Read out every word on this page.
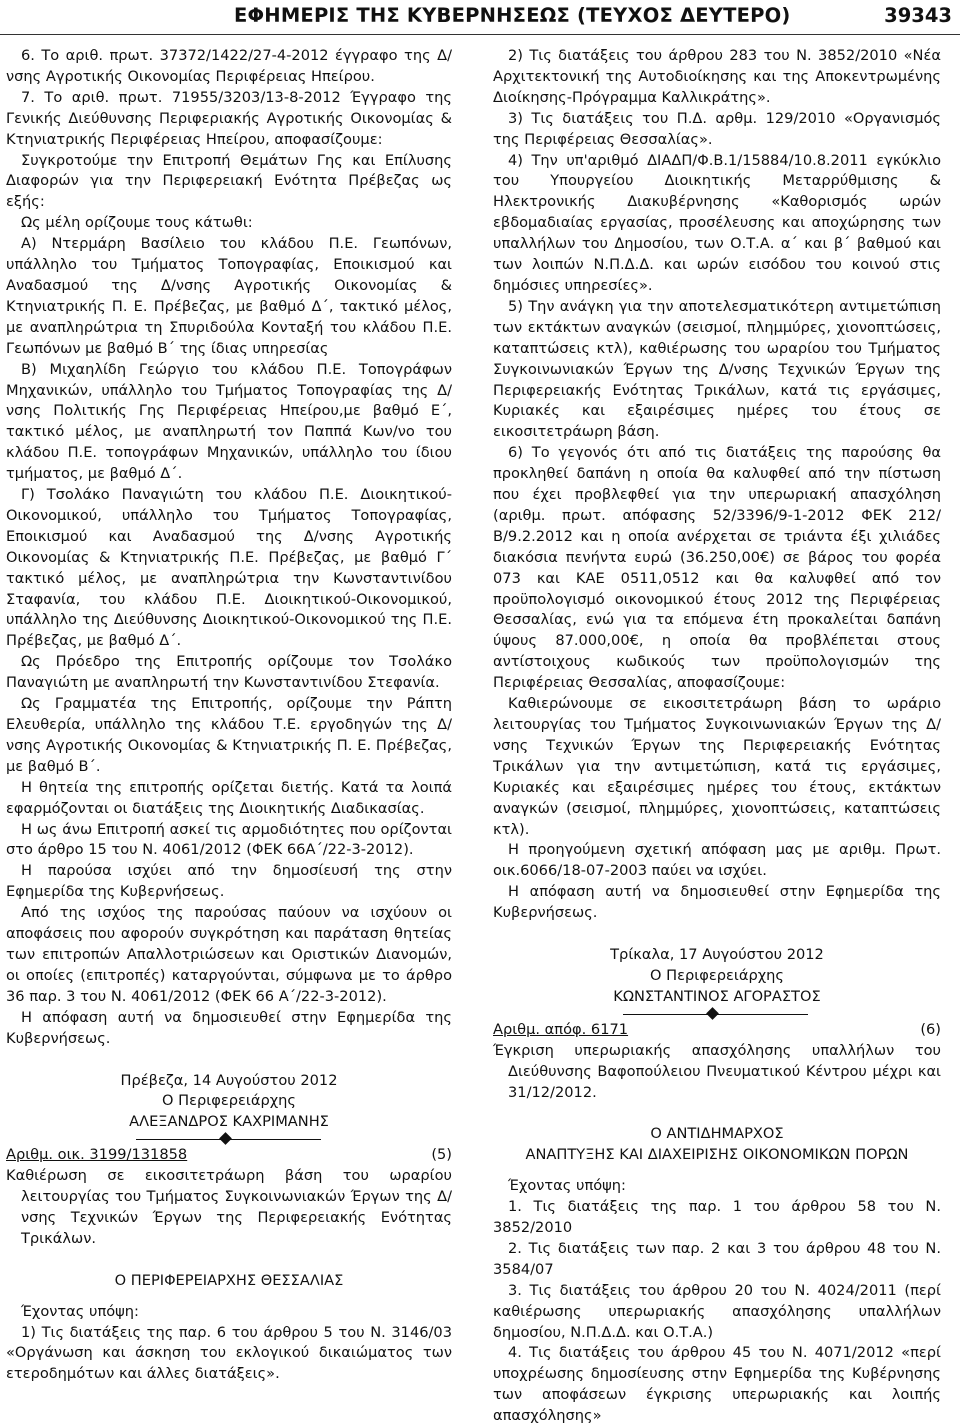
ΕΦΗΜΕΡΙΣ ΤΗΣ ΚΥΒΕΡΝΗΣΕΩΣ (ΤΕΥΧΟΣ ΔΕΥΤΕΡΟ)	39343

6. Το αριθ. πρωτ. 37372/1422/27-4-2012 έγγραφο της Δ/νσης Αγροτικής Οικονομίας Περιφέρειας Ηπείρου.

7. Το αριθ. πρωτ. 71955/3203/13-8-2012 Έγγραφο της Γενικής Διεύθυνσης Περιφεριακής Αγροτικής Οικονομίας & Κτηνιατρικής Περιφέρειας Ηπείρου, αποφασίζουμε:

Συγκροτούμε την Επιτροπή Θεμάτων Γης και Επίλυσης Διαφορών για την Περιφερειακή Ενότητα Πρέβεζας ως εξής:

Ως μέλη ορίζουμε τους κάτωθι:

Α) Ντερμάρη Βασίλειο του κλάδου Π.Ε. Γεωπόνων, υπάλληλο του Τμήματος Τοπογραφίας, Εποικισμού και Αναδασμού της Δ/νσης Αγροτικής Οικονομίας & Κτηνιατρικής Π. Ε. Πρέβεζας, με βαθμό Δ΄, τακτικό μέλος, με αναπληρώτρια τη Σπυριδούλα Κονταξή του κλάδου Π.Ε. Γεωπόνων με βαθμό Β΄ της ίδιας υπηρεσίας

Β) Μιχαηλίδη Γεώργιο του κλάδου Π.Ε. Τοπογράφων Μηχανικών, υπάλληλο του Τμήματος Τοπογραφίας της Δ/νσης Πολιτικής Γης Περιφέρειας Ηπείρου,με βαθμό Ε΄, τακτικό μέλος, με αναπληρωτή τον Παππά Κων/νο του κλάδου Π.Ε. τοπογράφων Μηχανικών, υπάλληλο του ίδιου τμήματος, με βαθμό Δ΄.

Γ) Τσολάκο Παναγιώτη του κλάδου Π.Ε. Διοικητικού-Οικονομικού, υπάλληλο του Τμήματος Τοπογραφίας, Εποικισμού και Αναδασμού της Δ/νσης Αγροτικής Οικονομίας & Κτηνιατρικής Π.Ε. Πρέβεζας, με βαθμό Γ΄ τακτικό μέλος, με αναπληρώτρια την Κωνσταντινίδου Σταφανία, του κλάδου Π.Ε. Διοικητικού-Οικονομικού, υπάλληλο της Διεύθυνσης Διοικητικού-Οικονομικού της Π.Ε. Πρέβεζας, με βαθμό Δ΄.

Ως Πρόεδρο της Επιτροπής ορίζουμε τον Τσολάκο Παναγιώτη με αναπληρωτή την Κωνσταντινίδου Στεφανία.

Ως Γραμματέα της Επιτροπής, ορίζουμε την Ράπτη Ελευθερία, υπάλληλο της κλάδου Τ.Ε. εργοδηγών της Δ/νσης Αγροτικής Οικονομίας & Κτηνιατρικής Π. Ε. Πρέβεζας, με βαθμό Β΄.

Η θητεία της επιτροπής ορίζεται διετής. Κατά τα λοιπά εφαρμόζονται οι διατάξεις της Διοικητικής Διαδικασίας.

Η ως άνω Επιτροπή ασκεί τις αρμοδιότητες που ορίζονται στο άρθρο 15 του Ν. 4061/2012 (ΦΕΚ 66Α΄/22-3-2012).

Η παρούσα ισχύει από την δημοσίευσή της στην Εφημερίδα της Κυβερνήσεως.

Από της ισχύος της παρούσας παύουν να ισχύουν οι αποφάσεις που αφορούν συγκρότηση και παράταση θητείας των επιτροπών Απαλλοτριώσεων και Οριστικών Διανομών, οι οποίες (επιτροπές) καταργούνται, σύμφωνα με το άρθρο 36 παρ. 3 του Ν. 4061/2012 (ΦΕΚ 66 Α΄/22-3-2012).

Η απόφαση αυτή να δημοσιευθεί στην Εφημερίδα της Κυβερνήσεως.

Πρέβεζα, 14 Αυγούστου 2012

Ο Περιφερειάρχης

ΑΛΕΞΑΝΔΡΟΣ ΚΑΧΡΙΜΑΝΗΣ

Αριθμ. οικ. 3199/131858	(5)

Καθιέρωση σε εικοσιτετράωρη βάση του ωραρίου λειτουργίας του Τμήματος Συγκοινωνιακών Έργων της Δ/νσης Τεχνικών Έργων της Περιφερειακής Ενότητας Τρικάλων.

Ο ΠΕΡΙΦΕΡΕΙΑΡΧΗΣ ΘΕΣΣΑΛΙΑΣ

Έχοντας υπόψη:

1) Τις διατάξεις της παρ. 6 του άρθρου 5 του Ν. 3146/03 «Οργάνωση και άσκηση του εκλογικού δικαιώματος των ετεροδημότων και άλλες διατάξεις».

2) Τις διατάξεις του άρθρου 283 του Ν. 3852/2010 «Νέα Αρχιτεκτονική της Αυτοδιοίκησης και της Αποκεντρωμένης Διοίκησης-Πρόγραμμα Καλλικράτης».

3) Τις διατάξεις του Π.Δ. αρθμ. 129/2010 «Οργανισμός της Περιφέρειας Θεσσαλίας».

4) Την υπ'αριθμό ΔΙΑΔΠ/Φ.Β.1/15884/10.8.2011 εγκύκλιο του Υπουργείου Διοικητικής Μεταρρύθμισης & Ηλεκτρονικής Διακυβέρνησης «Καθορισμός ωρών εβδομαδιαίας εργασίας, προσέλευσης και αποχώρησης των υπαλλήλων του Δημοσίου, των Ο.Τ.Α. α΄ και β΄ βαθμού και των λοιπών Ν.Π.Δ.Δ. και ωρών εισόδου του κοινού στις δημόσιες υπηρεσίες».

5) Την ανάγκη για την αποτελεσματικότερη αντιμετώπιση των εκτάκτων αναγκών (σεισμοί, πλημμύρες, χιονοπτώσεις, καταπτώσεις κτλ), καθιέρωσης του ωραρίου του Τμήματος Συγκοινωνιακών Έργων της Δ/νσης Τεχνικών Έργων της Περιφερειακής Ενότητας Τρικάλων, κατά τις εργάσιμες, Κυριακές και εξαιρέσιμες ημέρες του έτους σε εικοσιτετράωρη βάση.

6) Το γεγονός ότι από τις διατάξεις της παρούσης θα προκληθεί δαπάνη η οποία θα καλυφθεί από την πίστωση που έχει προβλεφθεί για την υπερωριακή απασχόληση (αριθμ. πρωτ. απόφασης 52/3396/9-1-2012 ΦΕΚ 212/Β/9.2.2012 και η οποία ανέρχεται σε τριάντα έξι χιλιάδες διακόσια πενήντα ευρώ (36.250,00€) σε βάρος του φορέα 073 και ΚΑΕ 0511,0512 και θα καλυφθεί από τον προϋπολογισμό οικονομικού έτους 2012 της Περιφέρειας Θεσσαλίας, ενώ για τα επόμενα έτη προκαλείται δαπάνη ύψους 87.000,00€, η οποία θα προβλέπεται στους αντίστοιχους κωδικούς των προϋπολογισμών της Περιφέρειας Θεσσαλίας, αποφασίζουμε:

Καθιερώνουμε σε εικοσιτετράωρη βάση το ωράριο λειτουργίας του Τμήματος Συγκοινωνιακών Έργων της Δ/νσης Τεχνικών Έργων της Περιφερειακής Ενότητας Τρικάλων για την αντιμετώπιση, κατά τις εργάσιμες, Κυριακές και εξαιρέσιμες ημέρες του έτους, εκτάκτων αναγκών (σεισμοί, πλημμύρες, χιονοπτώσεις, καταπτώσεις κτλ).

Η προηγούμενη σχετική απόφαση μας με αριθμ. Πρωτ. οικ.6066/18-07-2003 παύει να ισχύει.

Η απόφαση αυτή να δημοσιευθεί στην Εφημερίδα της Κυβερνήσεως.

Τρίκαλα, 17 Αυγούστου 2012

Ο Περιφερειάρχης

ΚΩΝΣΤΑΝΤΙΝΟΣ ΑΓΟΡΑΣΤΟΣ

Αριθμ. απόφ. 6171	(6)

Έγκριση υπερωριακής απασχόλησης υπαλλήλων του Διεύθυνσης Βαφοπούλειου Πνευματικού Κέντρου μέχρι και 31/12/2012.

Ο ΑΝΤΙΔΗΜΑΡΧΟΣ

ΑΝΑΠΤΥΞΗΣ ΚΑΙ ΔΙΑΧΕΙΡΙΣΗΣ ΟΙΚΟΝΟΜΙΚΩΝ ΠΟΡΩΝ

Έχοντας υπόψη:

1. Τις διατάξεις της παρ. 1 του άρθρου 58 του Ν. 3852/2010

2. Τις διατάξεις των παρ. 2 και 3 του άρθρου 48 του Ν. 3584/07

3. Τις διατάξεις του άρθρου 20 του Ν. 4024/2011 (περί καθιέρωσης υπερωριακής απασχόλησης υπαλλήλων δημοσίου, Ν.Π.Δ.Δ. και Ο.Τ.Α.)

4. Τις διατάξεις του άρθρου 45 του Ν. 4071/2012 «περί υποχρέωσης δημοσίευσης στην Εφημερίδα της Κυβέρνησης των αποφάσεων έγκρισης υπερωριακής και λοιπής απασχόλησης»
